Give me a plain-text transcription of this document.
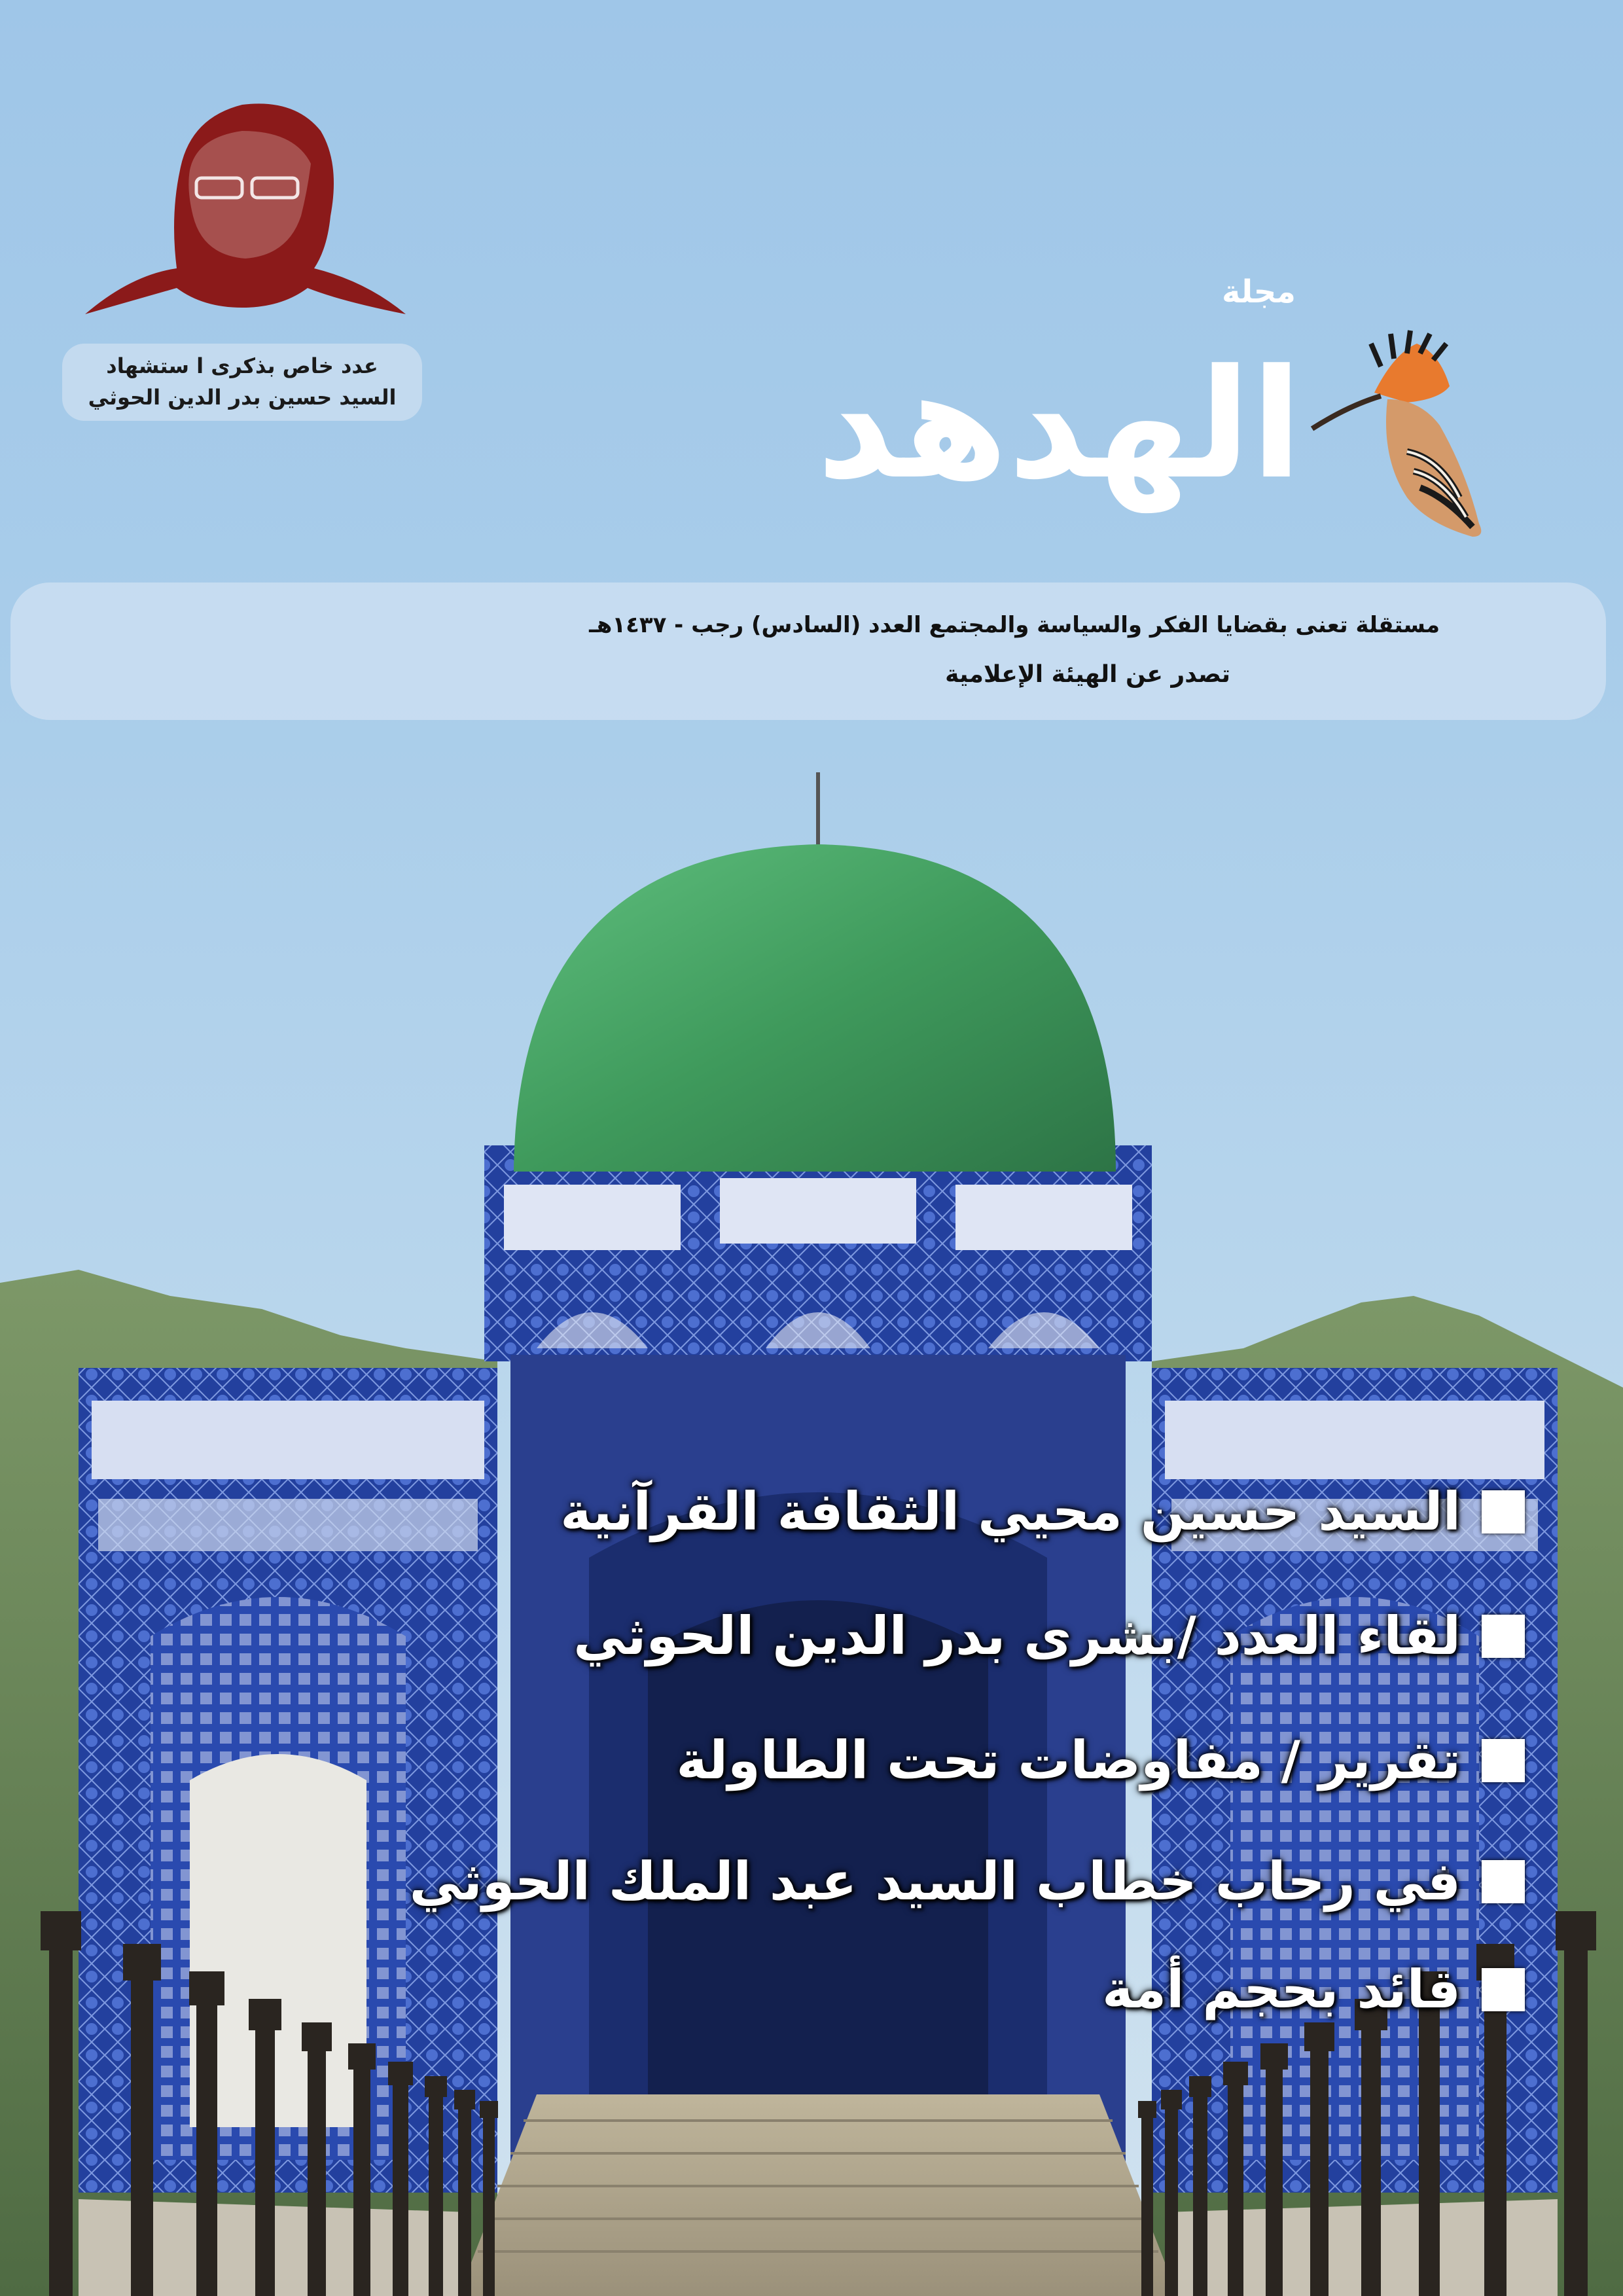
عدد خاص بذكرى ا ستشهاد
السيد حسين بدر الدين الحوثي
مجلة
الهدهد
مستقلة تعنى بقضايا الفكر والسياسة والمجتمع العدد (السادس) رجب - ١٤٣٧هـ
تصدر عن الهيئة الإعلامية
السيد حسين محيي الثقافة القرآنية
لقاء العدد /بشرى بدر الدين الحوثي
تقرير / مفاوضات تحت الطاولة
في رحاب خطاب السيد عبد الملك الحوثي
قائد بحجم أمة
